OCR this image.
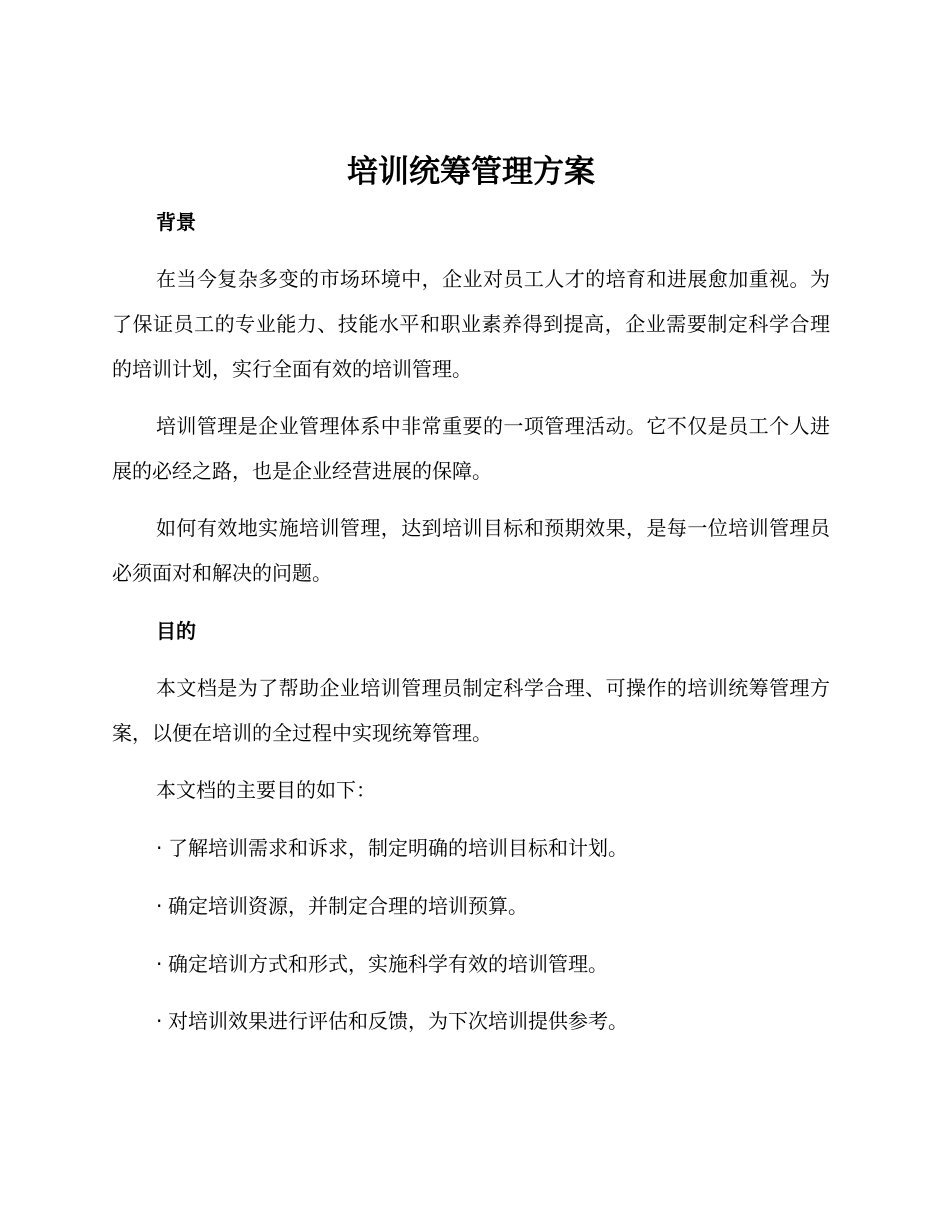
培训统筹管理方案
背景

在当今复杂多变的市场环境中，企业对员工人才的培育和进展愈加重视。为了保证员工的专业能力、技能水平和职业素养得到提高，企业需要制定科学合理的培训计划，实行全面有效的培训管理。

培训管理是企业管理体系中非常重要的一项管理活动。它不仅是员工个人进展的必经之路，也是企业经营进展的保障。

如何有效地实施培训管理，达到培训目标和预期效果，是每一位培训管理员必须面对和解决的问题。

目的

本文档是为了帮助企业培训管理员制定科学合理、可操作的培训统筹管理方案，以便在培训的全过程中实现统筹管理。

本文档的主要目的如下：

· 了解培训需求和诉求，制定明确的培训目标和计划。

· 确定培训资源，并制定合理的培训预算。

· 确定培训方式和形式，实施科学有效的培训管理。

· 对培训效果进行评估和反馈，为下次培训提供参考。
